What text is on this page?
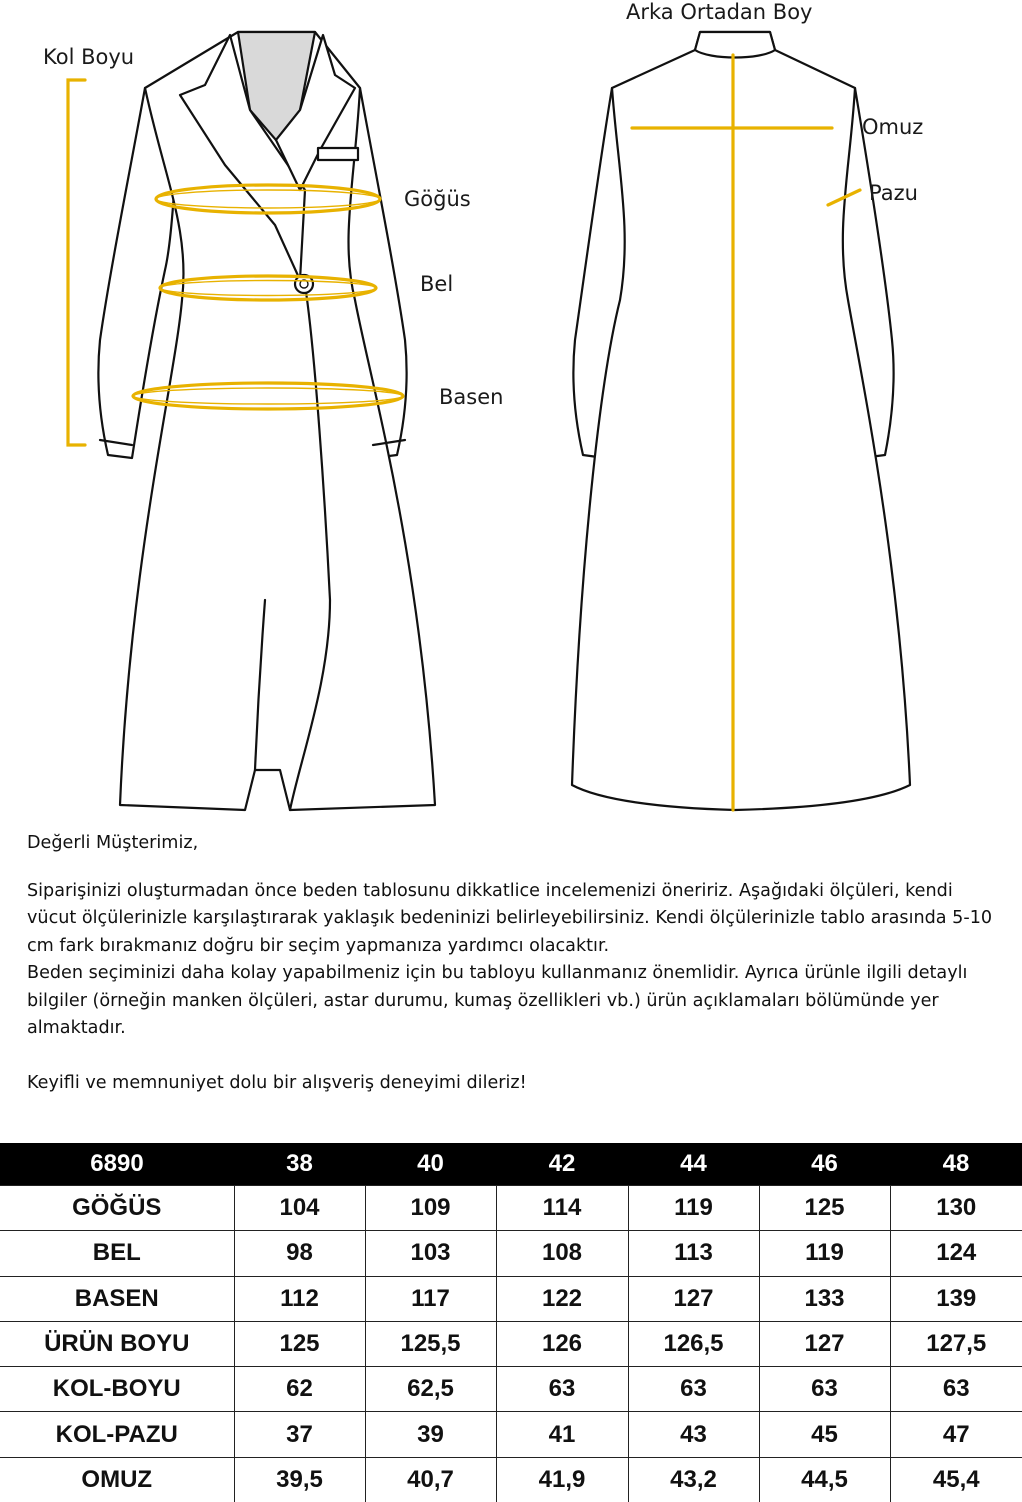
Kol Boyu
Göğüs
Bel
Basen
Arka Ortadan Boy
Omuz
Pazu

Değerli Müşterimiz,

Siparişinizi oluşturmadan önce beden tablosunu dikkatlice incelemenizi öneririz. Aşağıdaki ölçüleri, kendi vücut ölçülerinizle karşılaştırarak yaklaşık bedeninizi belirleyebilirsiniz. Kendi ölçülerinizle tablo arasında 5-10 cm fark bırakmanız doğru bir seçim yapmanıza yardımcı olacaktır.

Beden seçiminizi daha kolay yapabilmeniz için bu tabloyu kullanmanız önemlidir. Ayrıca ürünle ilgili detaylı bilgiler (örneğin manken ölçüleri, astar durumu, kumaş özellikleri vb.) ürün açıklamaları bölümünde yer almaktadır.

Keyifli ve memnuniyet dolu bir alışveriş deneyimi dileriz!

6890	38	40	42	44	46	48
GÖĞÜS	104	109	114	119	125	130
BEL	98	103	108	113	119	124
BASEN	112	117	122	127	133	139
ÜRÜN BOYU	125	125,5	126	126,5	127	127,5
KOL-BOYU	62	62,5	63	63	63	63
KOL-PAZU	37	39	41	43	45	47
OMUZ	39,5	40,7	41,9	43,2	44,5	45,4
